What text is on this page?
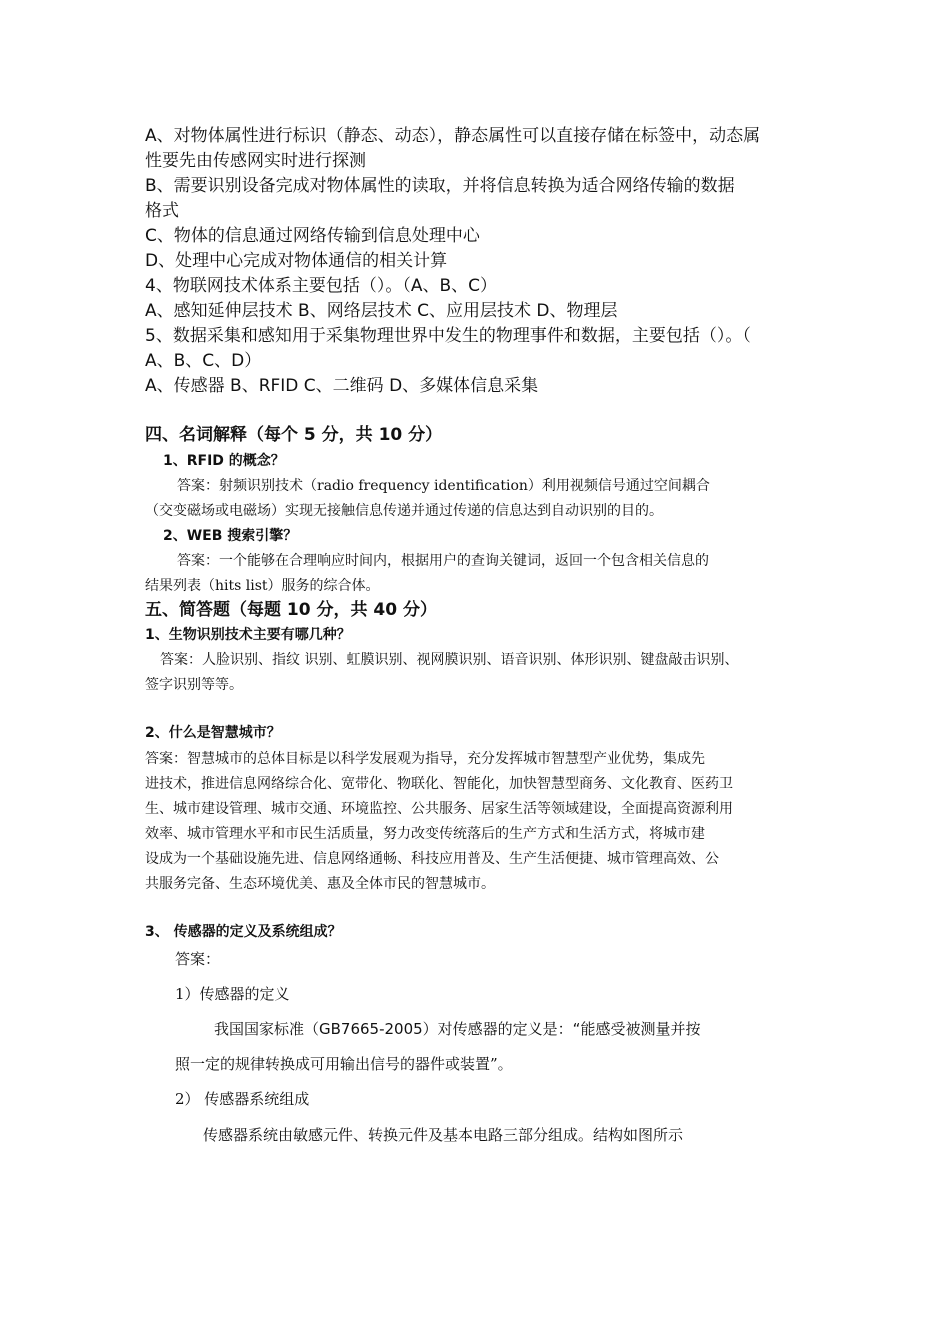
A、对物体属性进行标识（静态、动态），静态属性可以直接存储在标签中，动态属
性要先由传感网实时进行探测
B、需要识别设备完成对物体属性的读取，并将信息转换为适合网络传输的数据
格式
C、物体的信息通过网络传输到信息处理中心
D、处理中心完成对物体通信的相关计算
4、物联网技术体系主要包括（）。（A、B、C）
A、感知延伸层技术 B、网络层技术 C、应用层技术 D、物理层
5、数据采集和感知用于采集物理世界中发生的物理事件和数据，主要包括（）。（
A、B、C、D）
A、传感器 B、RFID C、二维码 D、多媒体信息采集
四、名词解释（每个 5 分，共 10 分）
1、RFID 的概念？
答案：射频识别技术（radio frequency identification）利用视频信号通过空间耦合
（交变磁场或电磁场）实现无接触信息传递并通过传递的信息达到自动识别的目的。
2、WEB 搜索引擎？
答案：一个能够在合理响应时间内，根据用户的查询关键词，返回一个包含相关信息的
结果列表（hits list）服务的综合体。
五、简答题（每题 10 分，共 40 分）
1、生物识别技术主要有哪几种？
答案：人脸识别、指纹 识别、虹膜识别、视网膜识别、语音识别、体形识别、键盘敲击识别、
签字识别等等。
2、什么是智慧城市？
答案：智慧城市的总体目标是以科学发展观为指导，充分发挥城市智慧型产业优势，集成先
进技术，推进信息网络综合化、宽带化、物联化、智能化，加快智慧型商务、文化教育、医药卫
生、城市建设管理、城市交通、环境监控、公共服务、居家生活等领域建设，全面提高资源利用
效率、城市管理水平和市民生活质量，努力改变传统落后的生产方式和生活方式，将城市建
设成为一个基础设施先进、信息网络通畅、科技应用普及、生产生活便捷、城市管理高效、公
共服务完备、生态环境优美、惠及全体市民的智慧城市。
3、 传感器的定义及系统组成？
答案：
1）传感器的定义
我国国家标准（GB7665-2005）对传感器的定义是：“能感受被测量并按
照一定的规律转换成可用输出信号的器件或装置”。
2） 传感器系统组成
传感器系统由敏感元件、转换元件及基本电路三部分组成。结构如图所示
